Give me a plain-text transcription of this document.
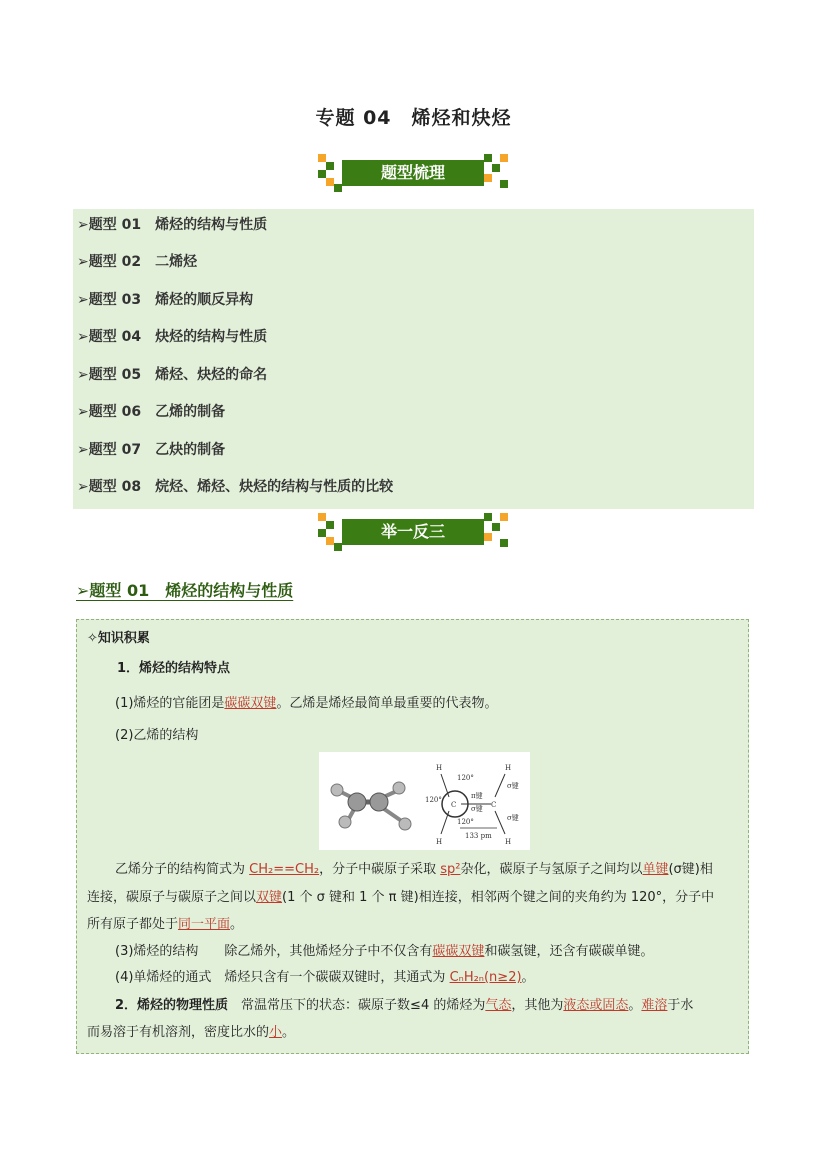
专题 04　烯烃和炔烃
题型梳理
➢题型 01 烯烃的结构与性质
➢题型 02 二烯烃
➢题型 03 烯烃的顺反异构
➢题型 04 炔烃的结构与性质
➢题型 05 烯烃、炔烃的命名
➢题型 06 乙烯的制备
➢题型 07 乙炔的制备
➢题型 08 烷烃、烯烃、炔烃的结构与性质的比较
举一反三
➢题型 01　烯烃的结构与性质
✧知识积累
1．烯烃的结构特点
(1)烯烃的官能团是碳碳双键。乙烯是烯烃最简单最重要的代表物。
(2)乙烯的结构
乙烯分子的结构简式为 CH₂==CH₂，分子中碳原子采取 sp²杂化，碳原子与氢原子之间均以单键(σ键)相
连接，碳原子与碳原子之间以双键(1 个 σ 键和 1 个 π 键)相连接，相邻两个键之间的夹角约为 120°，分子中
所有原子都处于同一平面。
(3)烯烃的结构　　除乙烯外，其他烯烃分子中不仅含有碳碳双键和碳氢键，还含有碳碳单键。
(4)单烯烃的通式　烯烃只含有一个碳碳双键时，其通式为 CₙH₂ₙ(n≥2)。
2．烯烃的物理性质　常温常压下的状态：碳原子数≤4 的烯烃为气态，其他为液态或固态。难溶于水
而易溶于有机溶剂，密度比水的小。
H
H
H
H
C	C
120°
120°
120°
π键
σ键
σ键
σ键
133 pm
